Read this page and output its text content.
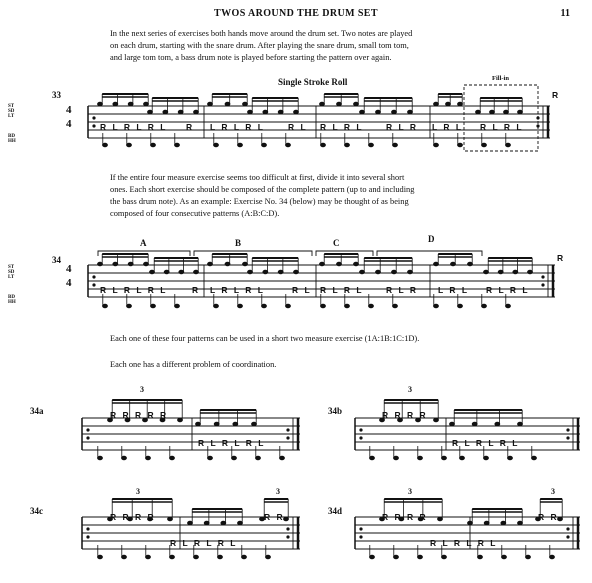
TWOS AROUND THE DRUM SET	11
In the next series of exercises both hands move around the drum set. Two notes are played
on each drum, starting with the snare drum. After playing the snare drum, small tom tom,
and large tom tom, a bass drum note is played before starting the pattern over again.
Single Stroke Roll	Fill-in
33
ST
SD
LT
BD
HH
ST
SD
LT
BD
HH
4
4
4
4
R L R L R L R L R L R L	R L R L R L	R L R L R L R L R L
R
If the entire four measure exercise seems too difficult at first, divide it into several short
ones. Each short exercise should be composed of the complete pattern (up to and including
the bass drum note). As an example: Exercise No. 34 (below) may be thought of as being
composed of four consecutive patterns (A:B:C:D).
34
A	B	C	D
R L R L R L	R L R L R L	R L R L R L	R L R L R L R L R L
R
Each one of these four patterns can be used in a short two measure exercise (1A:1B:1C:1D).
Each one has a different problem of coordination.
34a
3
R R R R R
R L R L R L
34b
3
R R R R
R L R L R L
34c
3	3
R R R R
R L R L R L
R R
34d
3	3
R R R R
R L R L R L
R R
